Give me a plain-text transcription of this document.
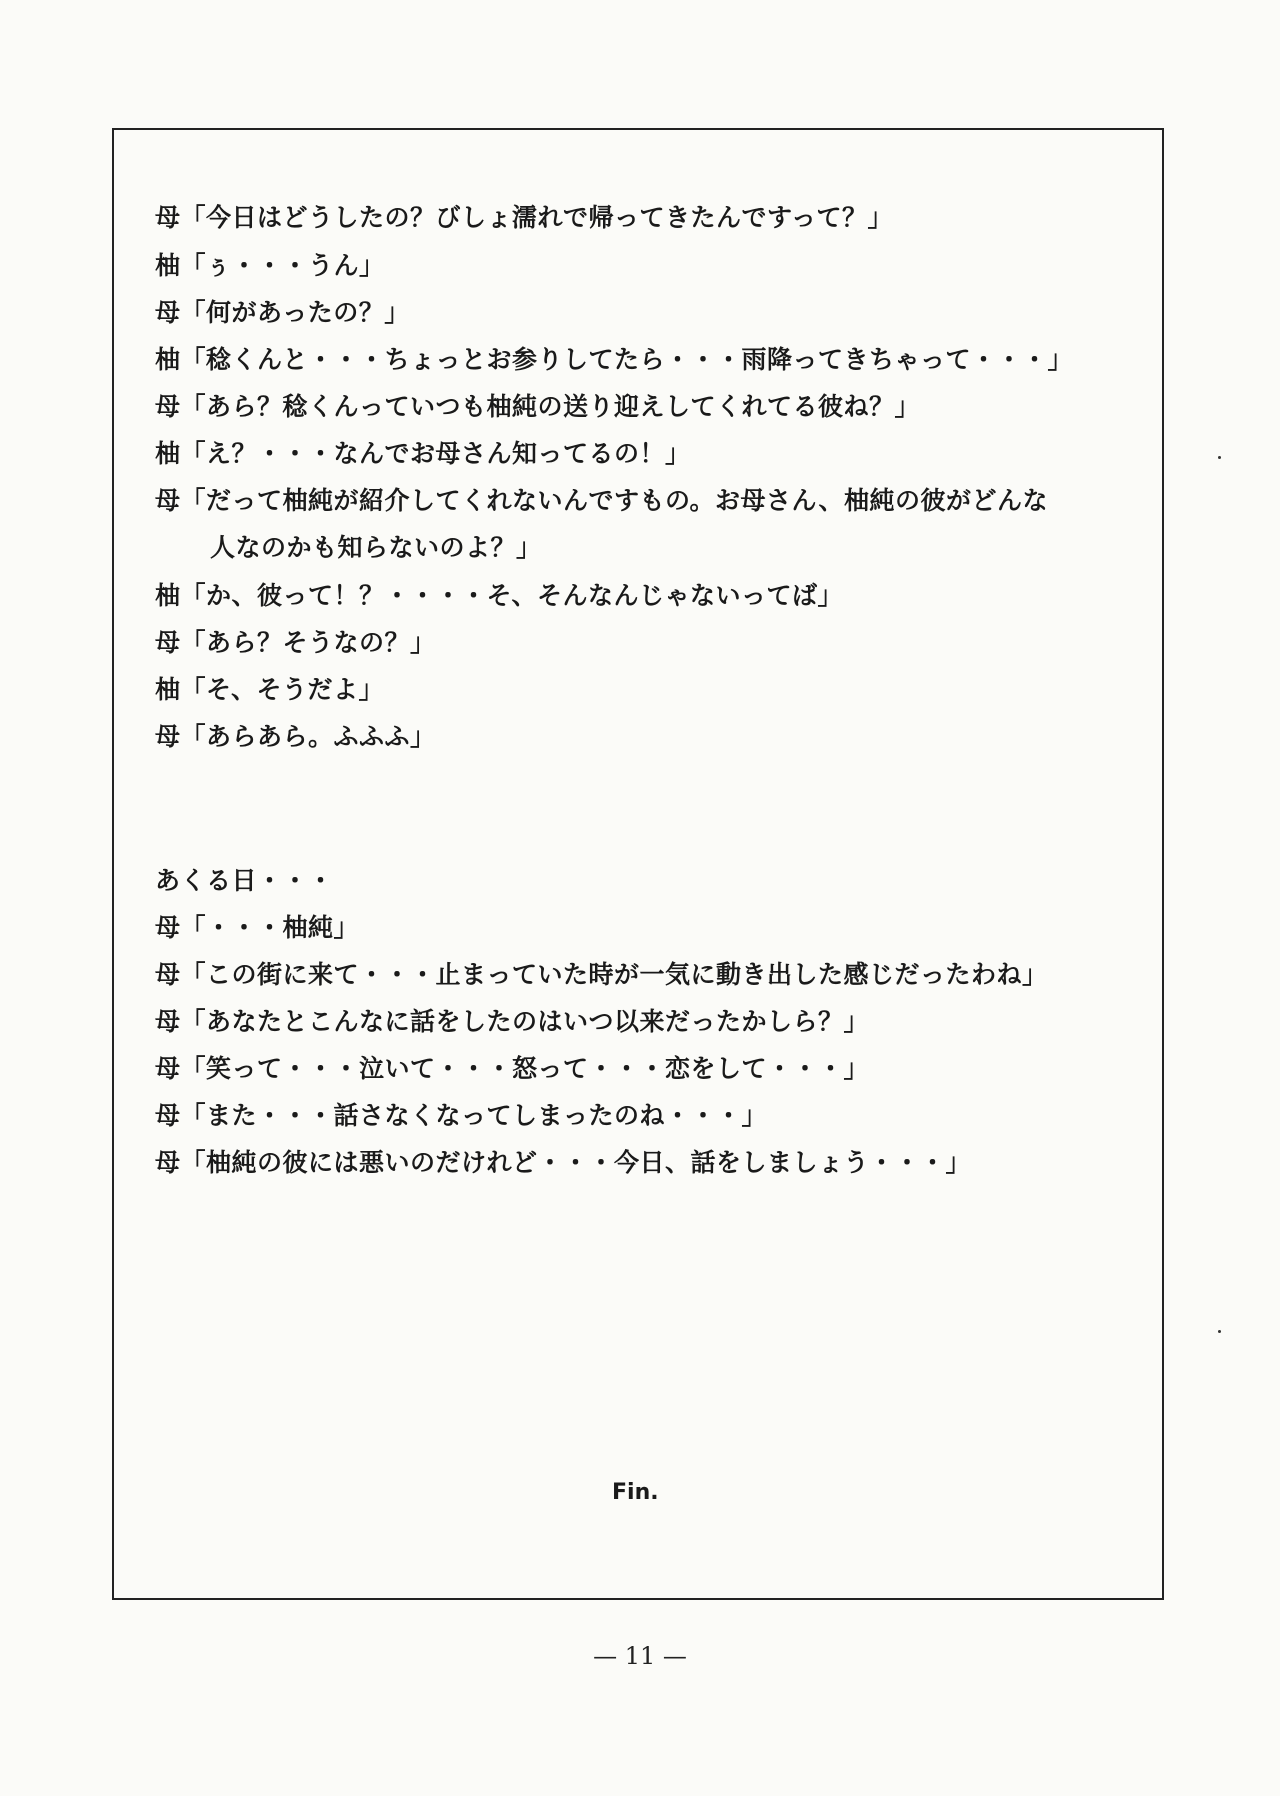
母「今日はどうしたの？びしょ濡れで帰ってきたんですって？」
柚「ぅ・・・うん」
母「何があったの？」
柚「稔くんと・・・ちょっとお参りしてたら・・・雨降ってきちゃって・・・」
母「あら？稔くんっていつも柚純の送り迎えしてくれてる彼ね？」
柚「え？・・・なんでお母さん知ってるの！」
母「だって柚純が紹介してくれないんですもの。お母さん、柚純の彼がどんな
人なのかも知らないのよ？」
柚「か、彼って！？・・・・そ、そんなんじゃないってば」
母「あら？そうなの？」
柚「そ、そうだよ」
母「あらあら。ふふふ」
あくる日・・・
母「・・・柚純」
母「この街に来て・・・止まっていた時が一気に動き出した感じだったわね」
母「あなたとこんなに話をしたのはいつ以来だったかしら？」
母「笑って・・・泣いて・・・怒って・・・恋をして・・・」
母「また・・・話さなくなってしまったのね・・・」
母「柚純の彼には悪いのだけれど・・・今日、話をしましょう・・・」
Fin.
— 11 —
